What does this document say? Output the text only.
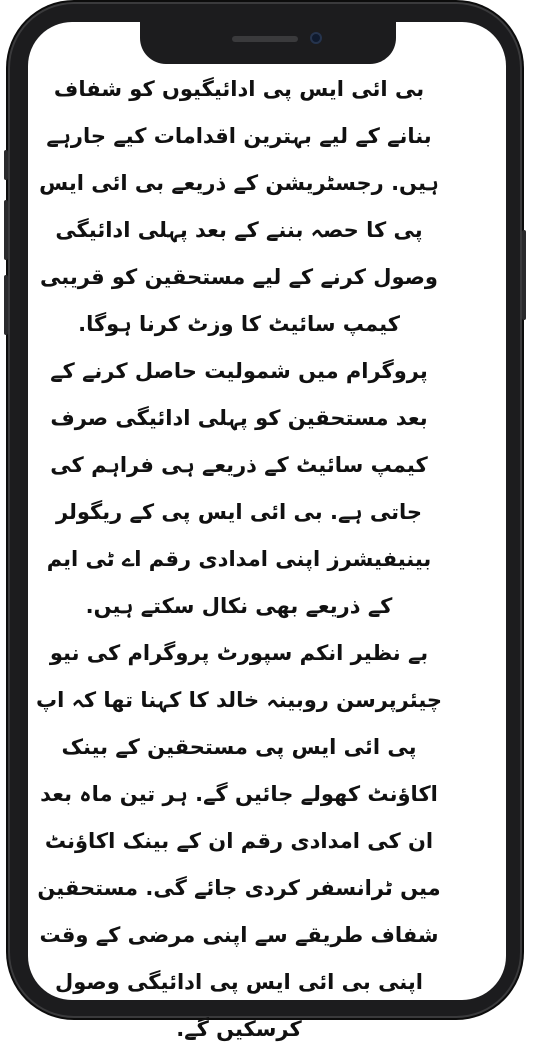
بی ائی ایس پی ادائیگیوں کو شفاف بنانے کے لیے بہترین اقدامات کیے جارہے ہیں. رجسٹریشن کے ذریعے بی ائی ایس پی کا حصہ بننے کے بعد پہلی ادائیگی وصول کرنے کے لیے مستحقین کو قریبی کیمپ سائیٹ کا وزٹ کرنا ہوگا. پروگرام میں شمولیت حاصل کرنے کے بعد مستحقین کو پہلی ادائیگی صرف کیمپ سائیٹ کے ذریعے ہی فراہم کی جاتی ہے. بی ائی ایس پی کے ریگولر بینیفیشرز اپنی امدادی رقم اے ٹی ایم کے ذریعے بھی نکال سکتے ہیں.

بے نظیر انکم سپورٹ پروگرام کی نیو چیئرپرسن روبینہ خالد کا کہنا تھا کہ اپ پی ائی ایس پی مستحقین کے بینک اکاؤنٹ کھولے جائیں گے. ہر تین ماہ بعد ان کی امدادی رقم ان کے بینک اکاؤنٹ میں ٹرانسفر کردی جائے گی. مستحقین شفاف طریقے سے اپنی مرضی کے وقت اپنی بی ائی ایس پی ادائیگی وصول کرسکیں گے.
